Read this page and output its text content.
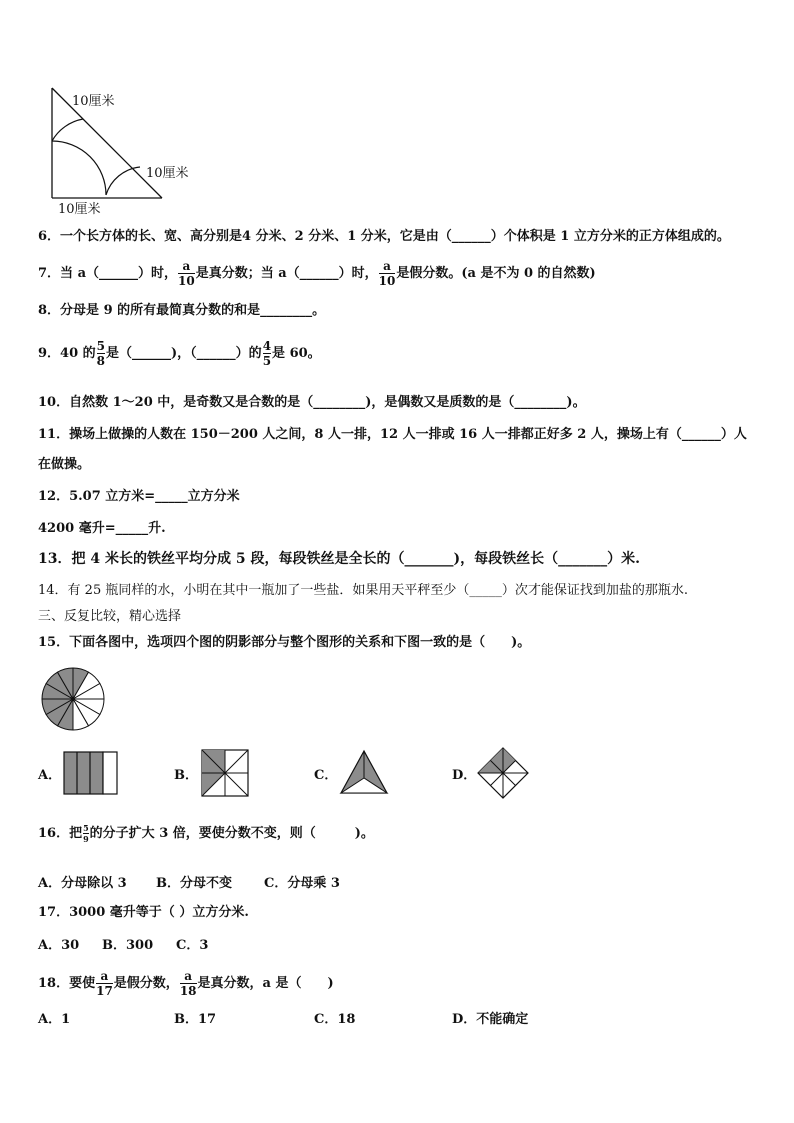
10厘米
10厘米
10厘米
6．一个长方体的长、宽、高分别是4 分米、2 分米、1 分米，它是由（______）个体积是 1 立方分米的正方体组成的。
7．当 a（______）时， $\frac{a}{10}$ 是真分数；当 a（______）时， $\frac{a}{10}$ 是假分数。(a 是不为 0 的自然数)
8．分母是 9 的所有最简真分数的和是________。
9．40 的 $\frac{5}{8}$ 是（______)，（______）的 $\frac{4}{5}$ 是 60。
10．自然数 1～20 中，是奇数又是合数的是（________)，是偶数又是质数的是（________)。
11．操场上做操的人数在 150－200 人之间，8 人一排，12 人一排或 16 人一排都正好多 2 人，操场上有（______）人
在做操。
12．5.07 立方米=_____立方分米
4200 毫升=_____升.
13．把 4 米长的铁丝平均分成 5 段，每段铁丝是全长的（_______)，每段铁丝长（_______）米.
14．有 25 瓶同样的水，小明在其中一瓶加了一些盐．如果用天平秤至少（_____）次才能保证找到加盐的那瓶水.
三、反复比较，精心选择
15．下面各图中，选项四个图的阴影部分与整个图形的关系和下图一致的是（　　)。
A．	B．	C．	D．
16．把 $\frac{5}{9}$ 的分子扩大 3 倍，要使分数不变，则（　　　)。
A．分母除以 3 B．分母不变 C．分母乘 3
17．3000 毫升等于（ ）立方分米.
A．30 B．300 C．3
18．要使 $\frac{a}{17}$ 是假分数， $\frac{a}{18}$ 是真分数，a 是（　　)
A．1	B．17	C．18	D．不能确定
